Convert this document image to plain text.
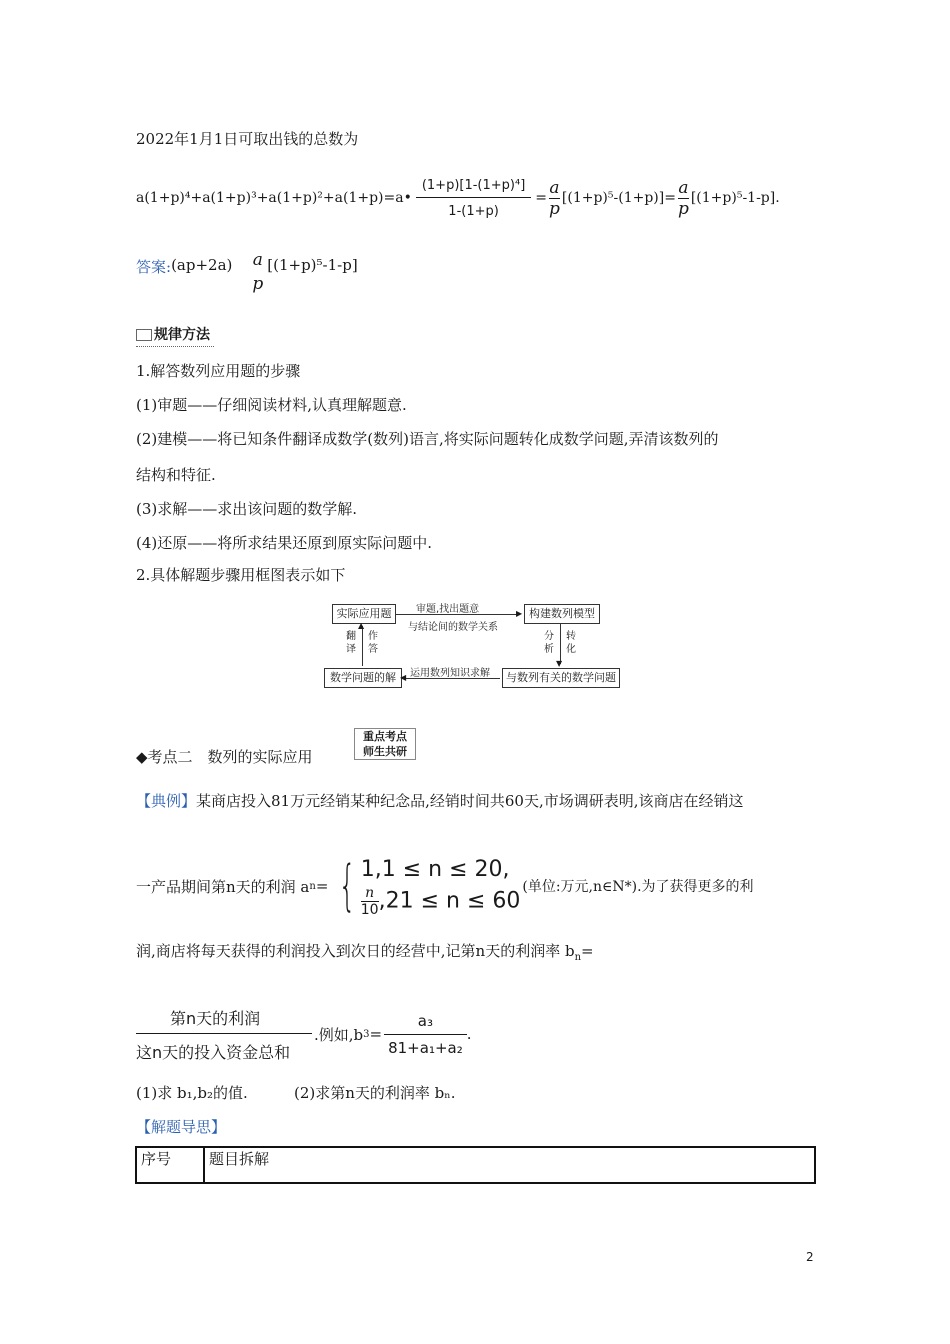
2022年1月1日可取出钱的总数为
a(1+p)⁴+a(1+p)³+a(1+p)²+a(1+p)=a• $\frac{\text{(1+p)[1-(1+p)⁴]}}{1-(1+p)} = \frac{a}{p} [(1+p)^5-(1+p)]= \frac{a}{p} [(1+p)^5-1-p]$.
答案: (ap+2a) a
p
[(1+p)⁵-1-p]
规律方法
1.解答数列应用题的步骤
(1)审题——仔细阅读材料,认真理解题意.
(2)建模——将已知条件翻译成数学(数列)语言,将实际问题转化成数学问题,弄清该数列的
结构和特征.
(3)求解——求出该问题的数学解.
(4)还原——将所求结果还原到原实际问题中.
2.具体解题步骤用框图表示如下
实际应用题	构建数列模型
数学问题的解	与数列有关的数学问题
▶
审题,找出题意
与结论间的数学关系
◀ 运用数列知识求解
▲
翻译
作答
▼
分析
转化
◆考点二　数列的实际应用
重点考点
师生共研
【典例】某商店投入81万元经销某种纪念品,经销时间共60天,市场调研表明,该商店在经销这
一产品期间第n天的利润 a n = { 1,1 ≤ n ≤ 20,
$\frac{n}{10} ,21 \le n \le 60$
(单位:万元,n∈N*).为了获得更多的利
润,商店将每天获得的利润投入到次日的经营中,记第n天的利润率 $b_n=$
$\frac{\text{第n天的利润}}{\text{这n天的投入资金总和}}$ .例如,b $3 = \frac{\text{a₃}}{\text{81+a₁+a₂}}$ .
(1)求 b₁,b₂的值.	(2)求第n天的利润率 bₙ.
【解题导思】
序号	题目拆解
2
